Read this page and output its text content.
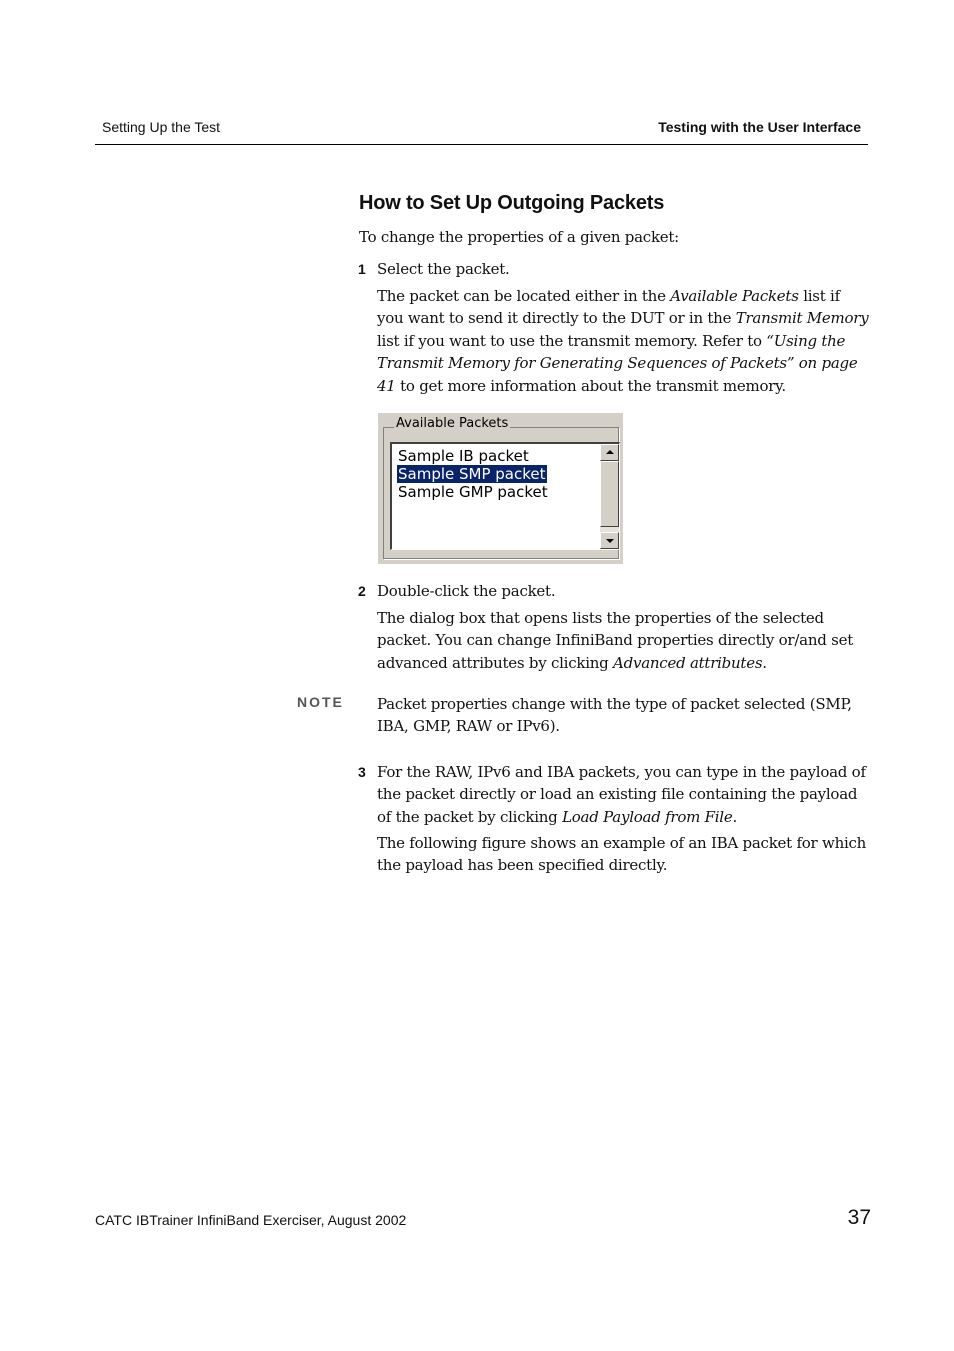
Setting Up the Test	Testing with the User Interface
How to Set Up Outgoing Packets
To change the properties of a given packet:
1 Select the packet.
The packet can be located either in the Available Packets list if you want to send it directly to the DUT or in the Transmit Memory list if you want to use the transmit memory. Refer to “Using the Transmit Memory for Generating Sequences of Packets” on page 41 to get more information about the transmit memory.
Available Packets
Sample IB packet
Sample SMP packet
Sample GMP packet
2 Double-click the packet.
The dialog box that opens lists the properties of the selected packet. You can change InfiniBand properties directly or/and set advanced attributes by clicking Advanced attributes.
NOTE Packet properties change with the type of packet selected (SMP, IBA, GMP, RAW or IPv6).
3 For the RAW, IPv6 and IBA packets, you can type in the payload of the packet directly or load an existing file containing the payload of the packet by clicking Load Payload from File.
The following figure shows an example of an IBA packet for which the payload has been specified directly.
CATC IBTrainer InfiniBand Exerciser, August 2002	37
